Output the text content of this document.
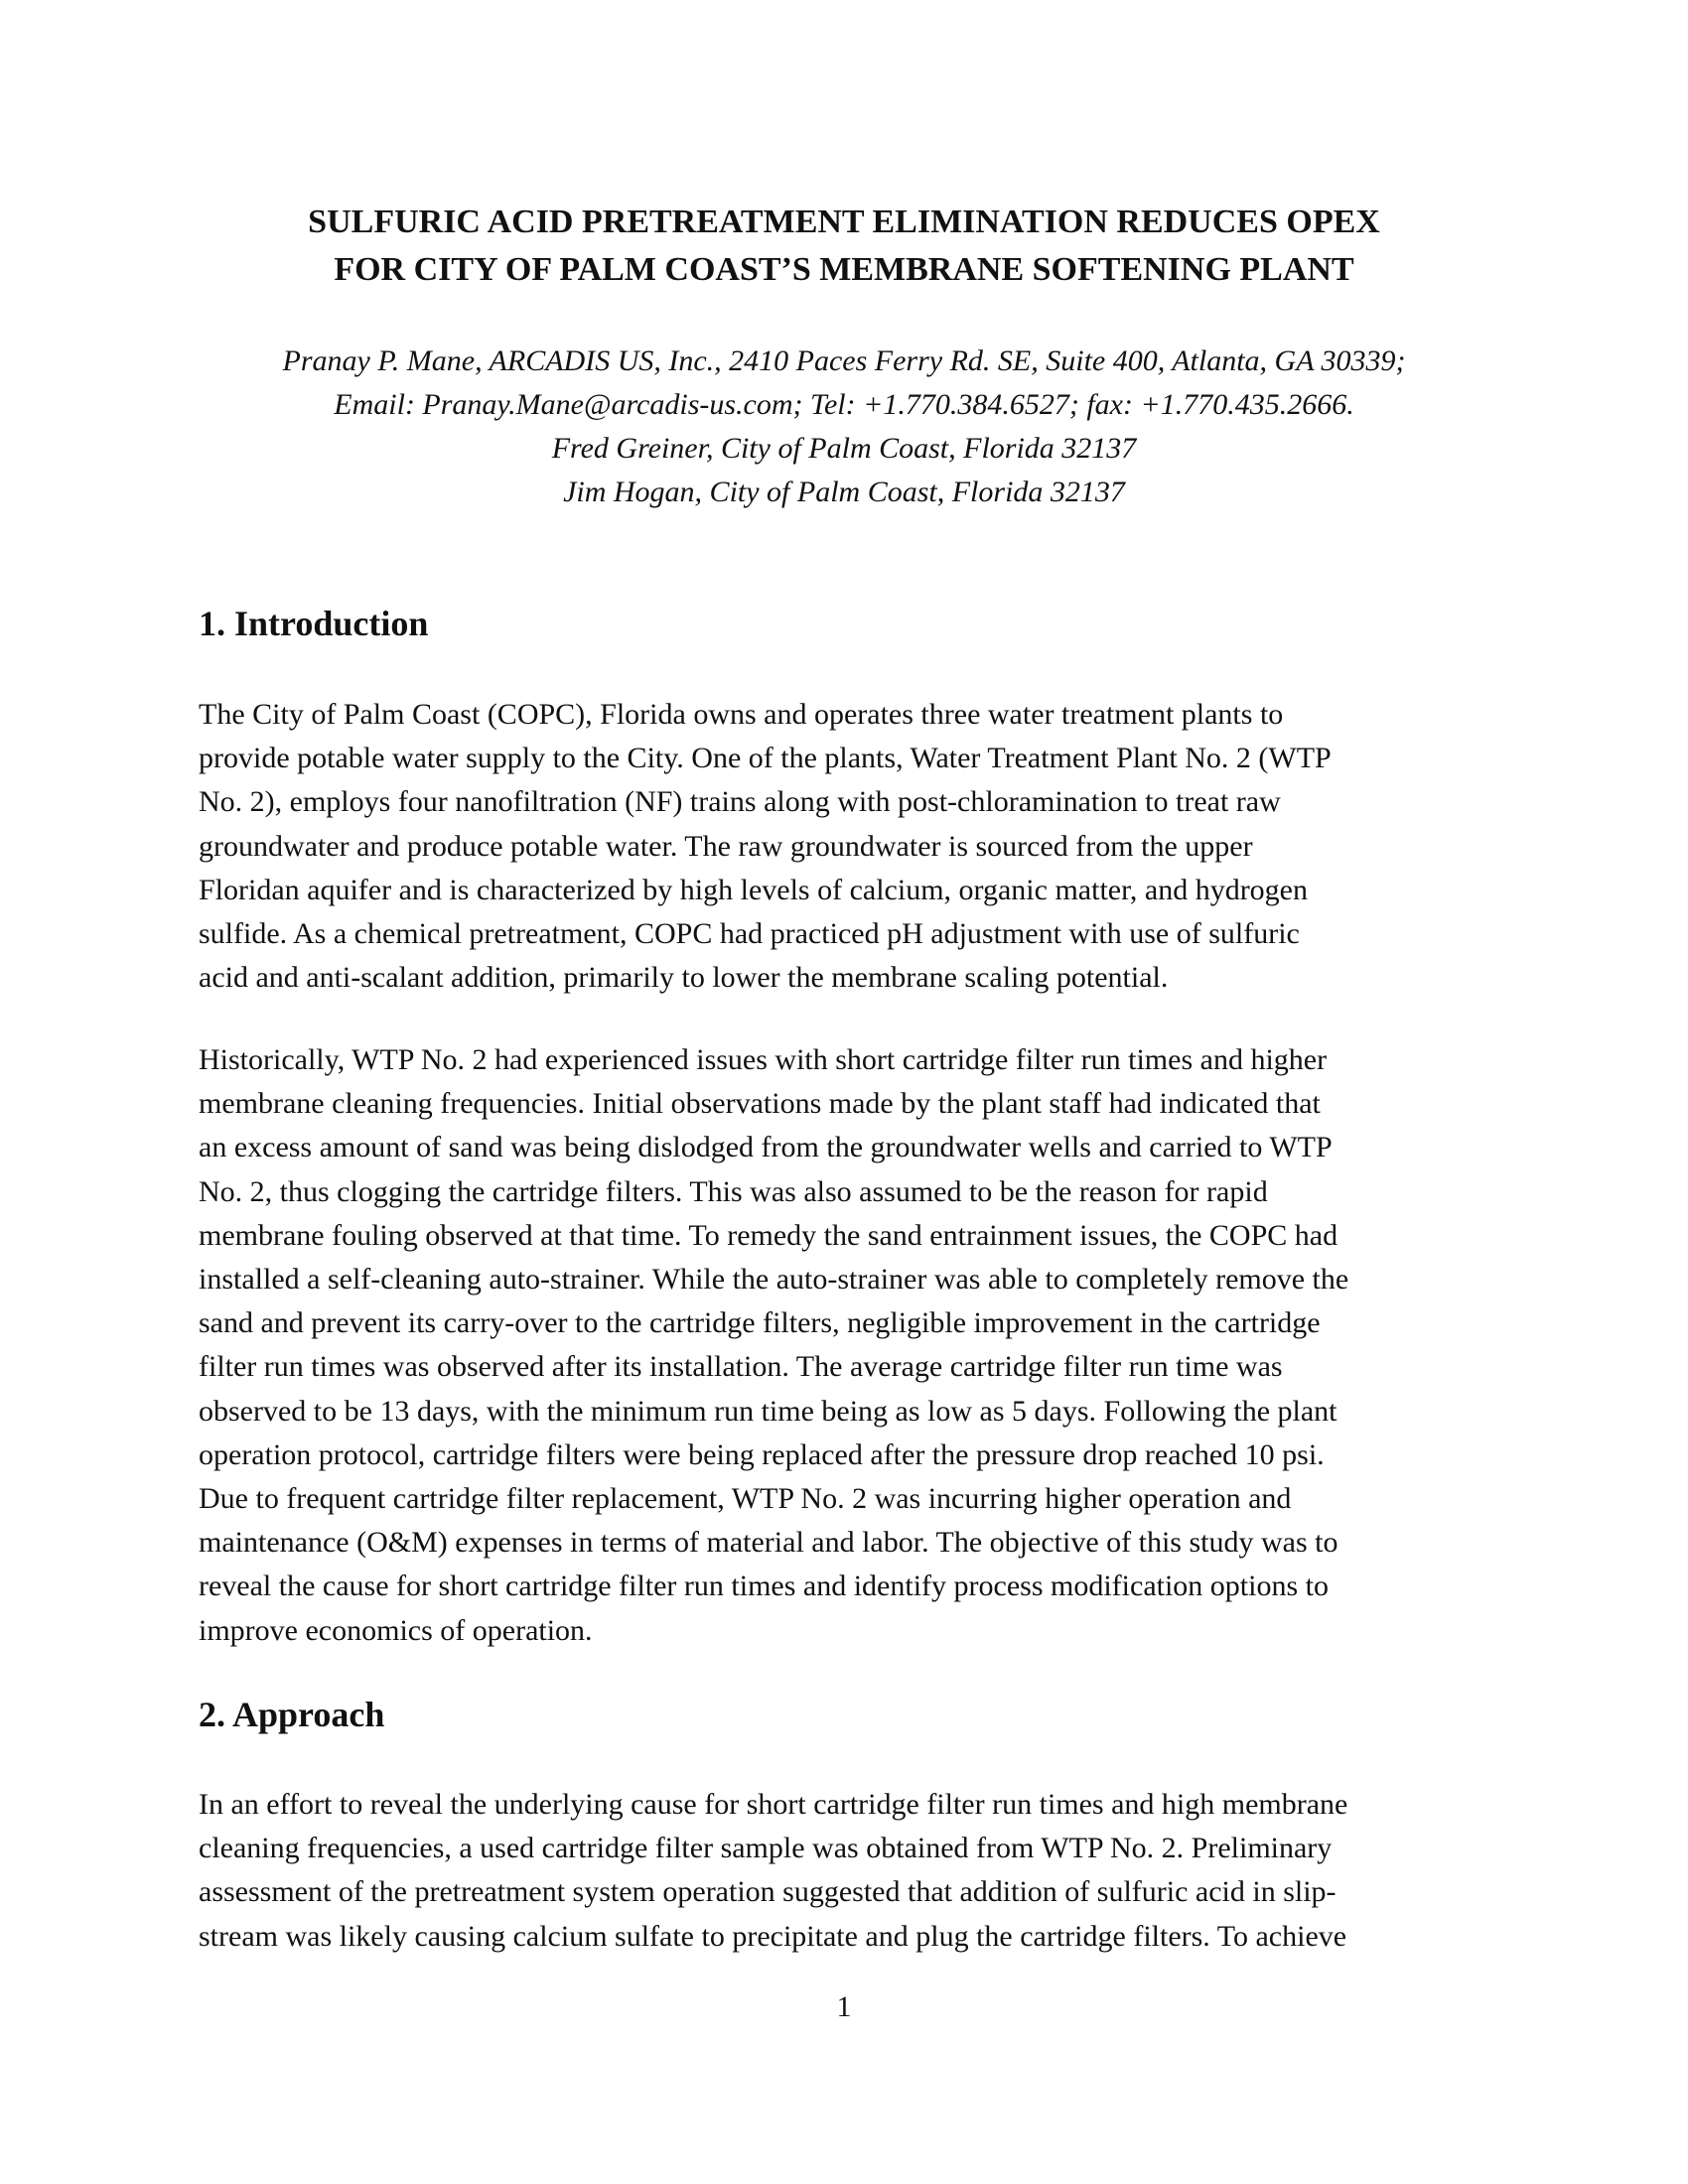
SULFURIC ACID PRETREATMENT ELIMINATION REDUCES OPEX
FOR CITY OF PALM COAST’S MEMBRANE SOFTENING PLANT
Pranay P. Mane, ARCADIS US, Inc., 2410 Paces Ferry Rd. SE, Suite 400, Atlanta, GA 30339;
Email: Pranay.Mane@arcadis-us.com; Tel: +1.770.384.6527; fax: +1.770.435.2666.
Fred Greiner, City of Palm Coast, Florida 32137
Jim Hogan, City of Palm Coast, Florida 32137
1. Introduction

The City of Palm Coast (COPC), Florida owns and operates three water treatment plants to
provide potable water supply to the City. One of the plants, Water Treatment Plant No. 2 (WTP
No. 2), employs four nanofiltration (NF) trains along with post-chloramination to treat raw
groundwater and produce potable water. The raw groundwater is sourced from the upper
Floridan aquifer and is characterized by high levels of calcium, organic matter, and hydrogen
sulfide. As a chemical pretreatment, COPC had practiced pH adjustment with use of sulfuric
acid and anti-scalant addition, primarily to lower the membrane scaling potential.

Historically, WTP No. 2 had experienced issues with short cartridge filter run times and higher
membrane cleaning frequencies. Initial observations made by the plant staff had indicated that
an excess amount of sand was being dislodged from the groundwater wells and carried to WTP
No. 2, thus clogging the cartridge filters. This was also assumed to be the reason for rapid
membrane fouling observed at that time. To remedy the sand entrainment issues, the COPC had
installed a self-cleaning auto-strainer. While the auto-strainer was able to completely remove the
sand and prevent its carry-over to the cartridge filters, negligible improvement in the cartridge
filter run times was observed after its installation. The average cartridge filter run time was
observed to be 13 days, with the minimum run time being as low as 5 days. Following the plant
operation protocol, cartridge filters were being replaced after the pressure drop reached 10 psi.
Due to frequent cartridge filter replacement, WTP No. 2 was incurring higher operation and
maintenance (O&M) expenses in terms of material and labor. The objective of this study was to
reveal the cause for short cartridge filter run times and identify process modification options to
improve economics of operation.

2. Approach

In an effort to reveal the underlying cause for short cartridge filter run times and high membrane
cleaning frequencies, a used cartridge filter sample was obtained from WTP No. 2. Preliminary
assessment of the pretreatment system operation suggested that addition of sulfuric acid in slip-
stream was likely causing calcium sulfate to precipitate and plug the cartridge filters. To achieve

1
